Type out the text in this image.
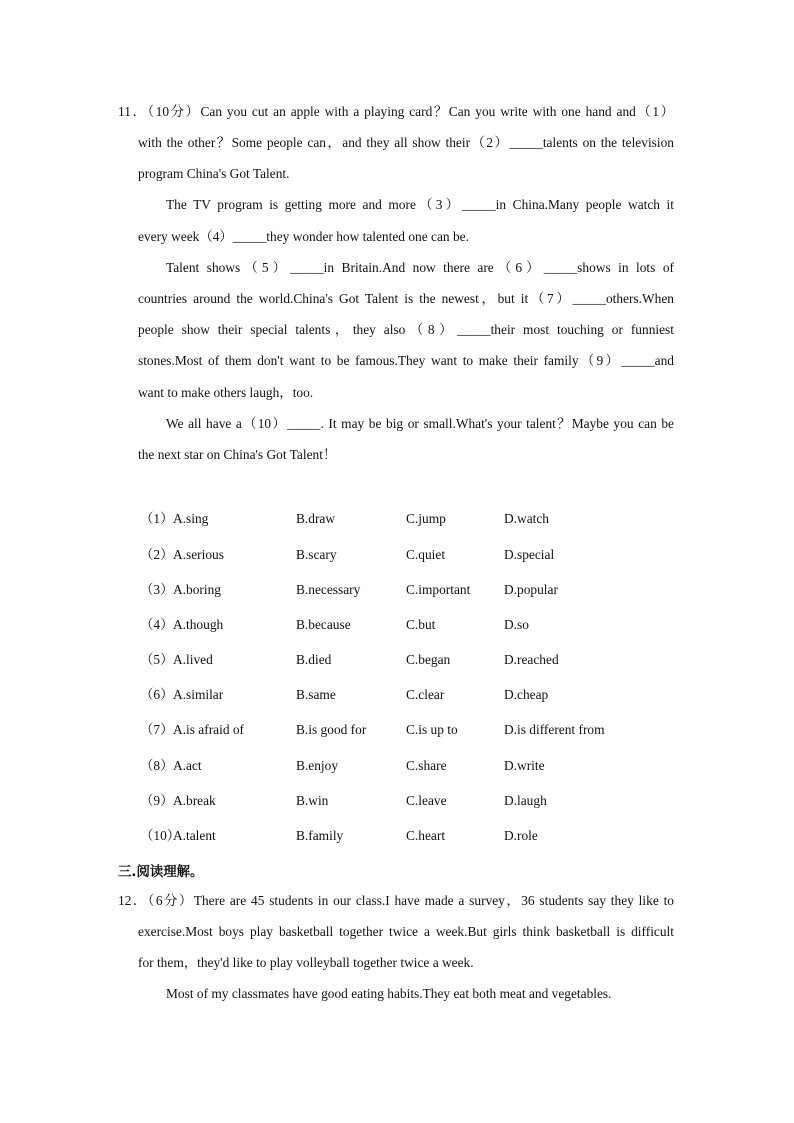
11．（10分）Can you cut an apple with a playing card？Can you write with one hand and（1）
with the other？Some people can，and they all show their（2）_____talents on the television
program China's Got Talent.
The TV program is getting more and more（3）_____in China.Many people watch it
every week（4）_____they wonder how talented one can be.
Talent shows（5）_____in Britain.And now there are（6）_____shows in lots of
countries around the world.China's Got Talent is the newest，but it（7）_____others.When
people show their special talents，they also（8）_____their most touching or funniest
stones.Most of them don't want to be famous.They want to make their family（9）_____and
want to make others laugh，too.
We all have a（10）_____. It may be big or small.What's your talent？Maybe you can be
the next star on China's Got Talent！
（1） A.sing	B.draw	C.jump	D.watch
（2） A.serious	B.scary	C.quiet	D.special
（3） A.boring	B.necessary	C.important	D.popular
（4） A.though	B.because	C.but	D.so
（5） A.lived	B.died	C.began	D.reached
（6） A.similar	B.same	C.clear	D.cheap
（7） A.is afraid of	B.is good for	C.is up to	D.is different from
（8） A.act	B.enjoy	C.share	D.write
（9） A.break	B.win	C.leave	D.laugh
（10）
A.talent	B.family	C.heart	D.role
三.阅读理解。
12．（6分）There are 45 students in our class.I have made a survey，36 students say they like to
exercise.Most boys play basketball together twice a week.But girls think basketball is difficult
for them，they'd like to play volleyball together twice a week.
Most of my classmates have good eating habits.They eat both meat and vegetables.
